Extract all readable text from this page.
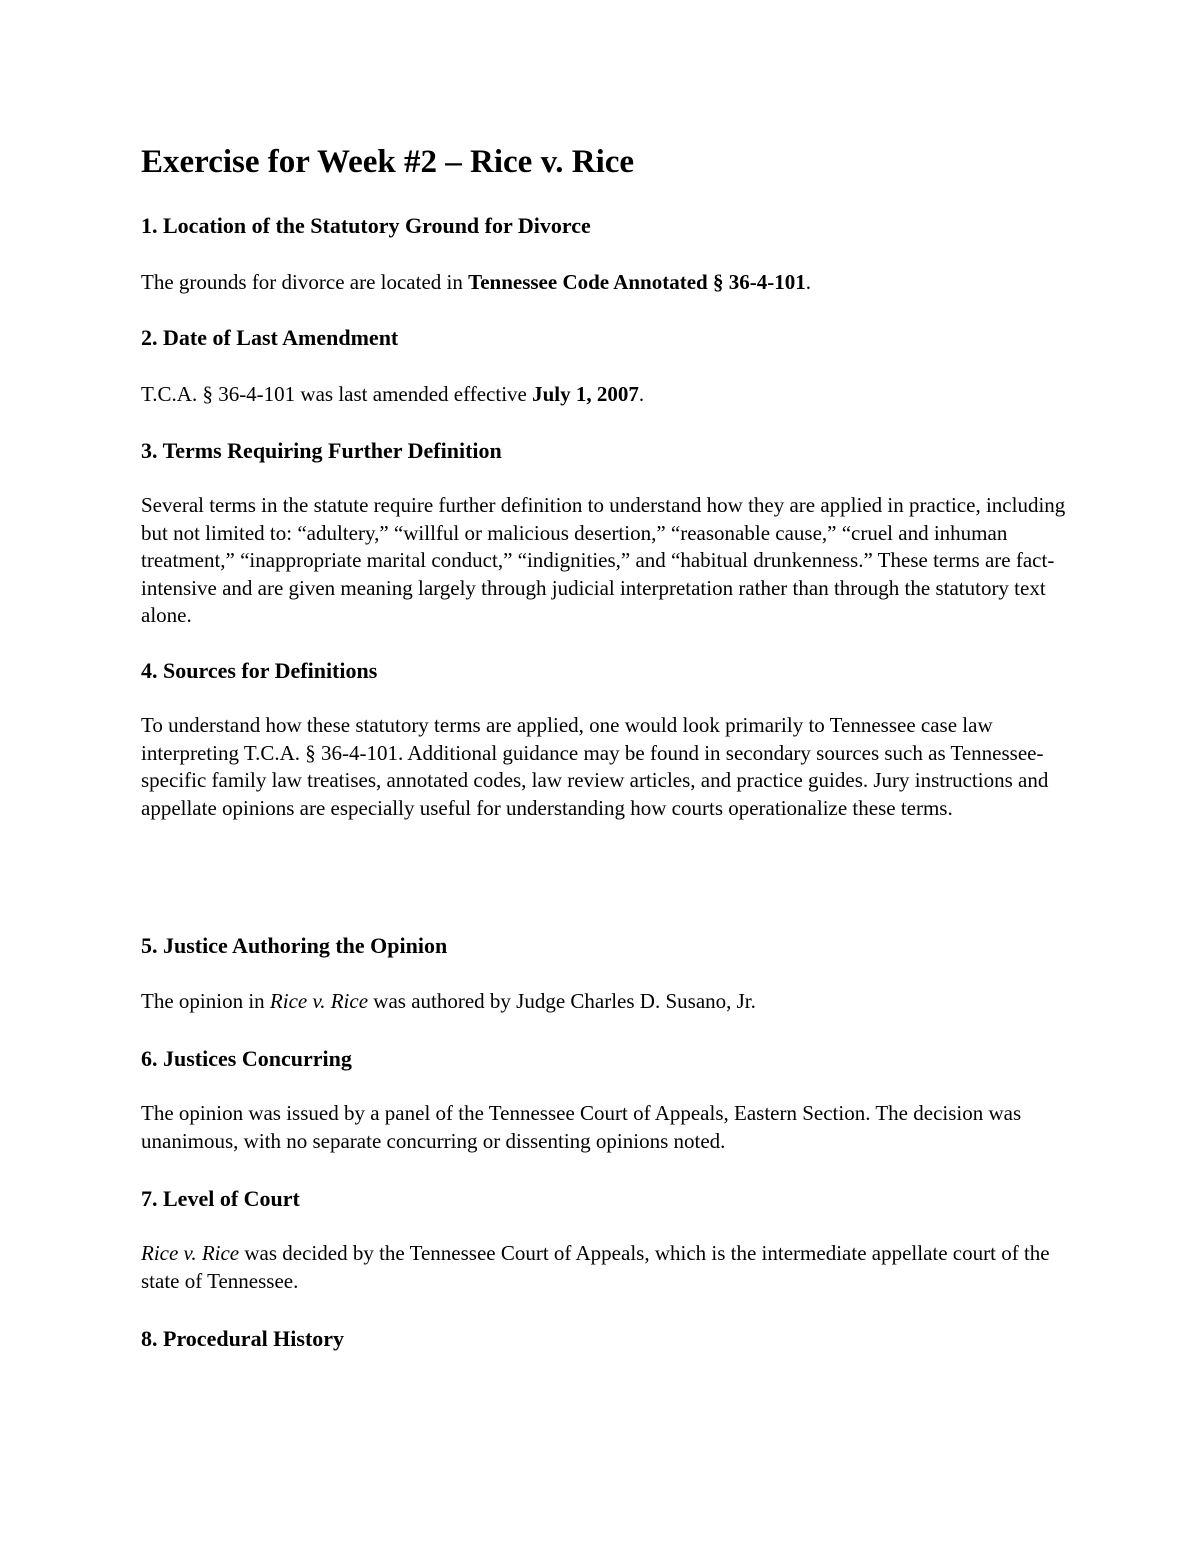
Exercise for Week #2 – Rice v. Rice
1. Location of the Statutory Ground for Divorce

The grounds for divorce are located in Tennessee Code Annotated § 36-4-101.

2. Date of Last Amendment

T.C.A. § 36-4-101 was last amended effective July 1, 2007.

3. Terms Requiring Further Definition

Several terms in the statute require further definition to understand how they are applied in practice, including but not limited to: “adultery,” “willful or malicious desertion,” “reasonable cause,” “cruel and inhuman treatment,” “inappropriate marital conduct,” “indignities,” and “habitual drunkenness.” These terms are fact-intensive and are given meaning largely through judicial interpretation rather than through the statutory text alone.

4. Sources for Definitions

To understand how these statutory terms are applied, one would look primarily to Tennessee case law interpreting T.C.A. § 36-4-101. Additional guidance may be found in secondary sources such as Tennessee-specific family law treatises, annotated codes, law review articles, and practice guides. Jury instructions and appellate opinions are especially useful for understanding how courts operationalize these terms.

5. Justice Authoring the Opinion

The opinion in Rice v. Rice was authored by Judge Charles D. Susano, Jr.

6. Justices Concurring

The opinion was issued by a panel of the Tennessee Court of Appeals, Eastern Section. The decision was unanimous, with no separate concurring or dissenting opinions noted.

7. Level of Court

Rice v. Rice was decided by the Tennessee Court of Appeals, which is the intermediate appellate court of the state of Tennessee.

8. Procedural History
